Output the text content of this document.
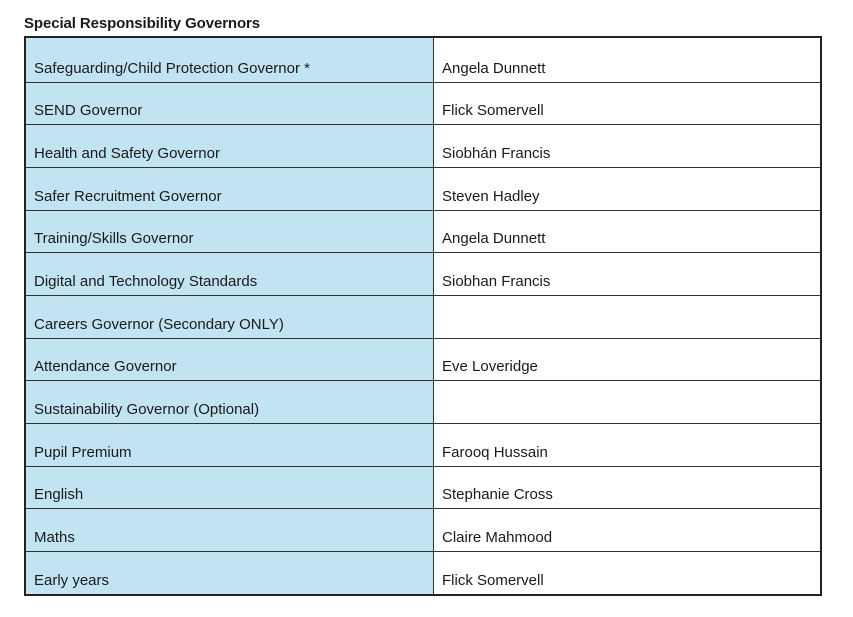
Special Responsibility Governors
Safeguarding/Child Protection Governor *	Angela Dunnett
SEND Governor	Flick Somervell
Health and Safety Governor	Siobhán Francis
Safer Recruitment Governor	Steven Hadley
Training/Skills Governor	Angela Dunnett
Digital and Technology Standards	Siobhan Francis
Careers Governor (Secondary ONLY)
Attendance Governor	Eve Loveridge
Sustainability Governor (Optional)
Pupil Premium	Farooq Hussain
English	Stephanie Cross
Maths	Claire Mahmood
Early years	Flick Somervell
